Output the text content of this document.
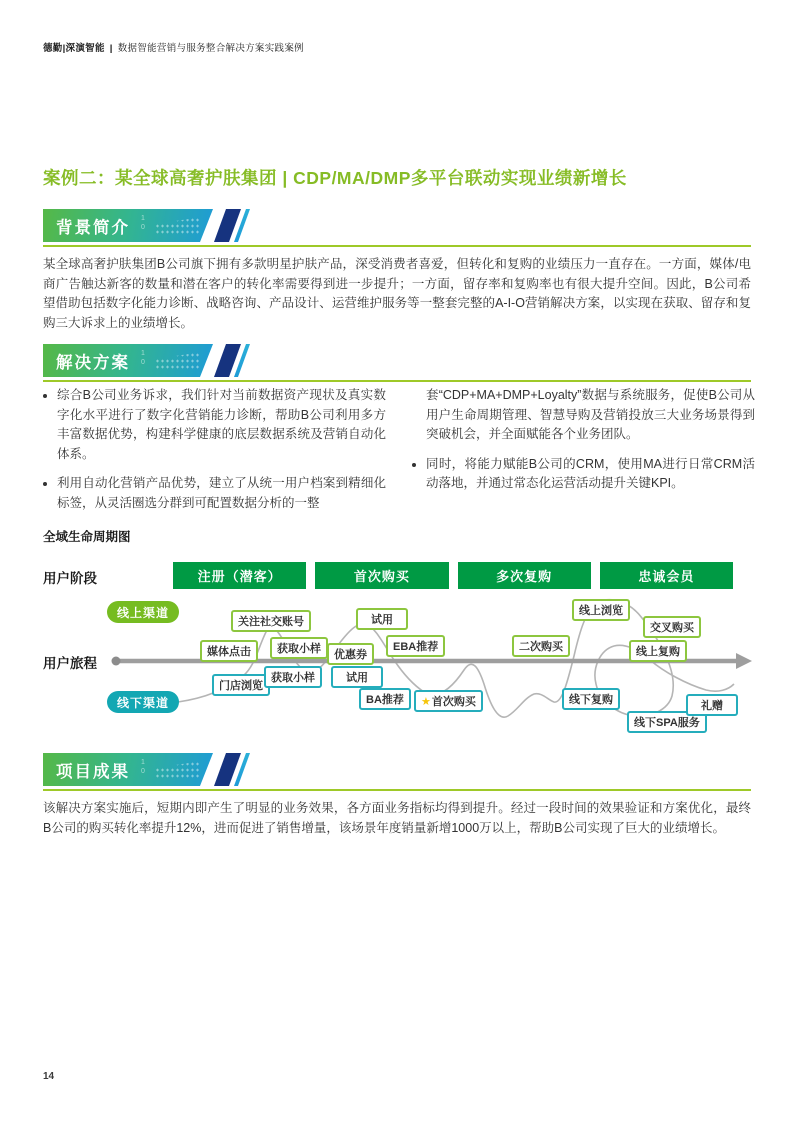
德勤|深演智能 | 数据智能营销与服务整合解决方案实践案例
案例二：某全球高奢护肤集团 | CDP/MA/DMP多平台联动实现业绩新增长
1
0
背景简介
某全球高奢护肤集团B公司旗下拥有多款明星护肤产品，深受消费者喜爱，但转化和复购的业绩压力一直存在。一方面，媒体/电商广告触达新客的数量和潜在客户的转化率需要得到进一步提升；一方面，留存率和复购率也有很大提升空间。因此，B公司希望借助包括数字化能力诊断、战略咨询、产品设计、运营维护服务等一整套完整的A-I-O营销解决方案，以实现在获取、留存和复购三大诉求上的业绩增长。
1
0
解决方案
• 综合B公司业务诉求，我们针对当前数据资产现状及真实数字化水平进行了数字化营销能力诊断，帮助B公司利用多方丰富数据优势，构建科学健康的底层数据系统及营销自动化体系。
• 利用自动化营销产品优势，建立了从统一用户档案到精细化标签，从灵活圈选分群到可配置数据分析的一整
套“CDP+MA+DMP+Loyalty”数据与系统服务，促使B公司从用户生命周期管理、智慧导购及营销投放三大业务场景得到突破机会，并全面赋能各个业务团队。
• 同时，将能力赋能B公司的CRM，使用MA进行日常CRM活动落地，并通过常态化运营活动提升关键KPI。
全域生命周期图
用户阶段	注册（潜客）	首次购买	多次复购	忠诚会员
用户旅程
线上渠道
线下渠道
关注社交账号
媒体点击	获取小样	优惠券
试用
EBA推荐	二次购买
线上浏览
交叉购买
线上复购
门店浏览
获取小样	试用
BA推荐	★首次购买	线下复购
线下SPA服务
礼赠
1
0
项目成果
该解决方案实施后，短期内即产生了明显的业务效果，各方面业务指标均得到提升。经过一段时间的效果验证和方案优化，最终B公司的购买转化率提升12%，进而促进了销售增量，该场景年度销量新增1000万以上，帮助B公司实现了巨大的业绩增长。
14
